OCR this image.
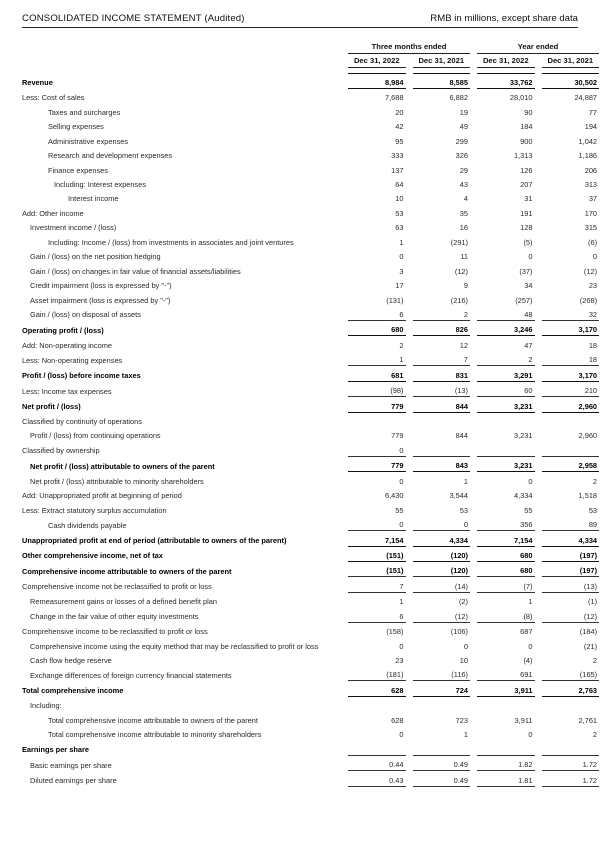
CONSOLIDATED INCOME STATEMENT (Audited)	RMB in millions, except share data
	Three months ended				Year ended		
	Dec 31, 2022		Dec 31, 2021		Dec 31, 2022		Dec 31, 2021

Revenue	8,984		8,585		33,762		30,502
Less: Cost of sales	7,688		6,882		28,010		24,887
Taxes and surcharges	20		19		90		77
Selling expenses	42		49		184		194
Administrative expenses	95		299		900		1,042
Research and development expenses	333		326		1,313		1,186
Finance expenses	137		29		126		206
Including: Interest expenses	64		43		207		313
Interest income	10		4		31		37
Add: Other income	53		35		191		170
Investment income / (loss)	63		16		128		315
Including: Income / (loss) from investments in associates and joint ventures	1		(291)		(5)		(6)
Gain / (loss) on the net position hedging	0		11		0		0
Gain / (loss) on changes in fair value of financial assets/liabilities	3		(12)		(37)		(12)
Credit impairment (loss is expressed by "-")	17		9		34		23
Asset impairment (loss is expressed by "-")	(131)		(216)		(257)		(268)
Gain / (loss) on disposal of assets	6		2		48		32
Operating profit / (loss)	680		826		3,246		3,170
Add: Non-operating income	2		12		47		18
Less: Non-operating expenses	1		7		2		18
Profit / (loss) before income taxes	681		831		3,291		3,170
Less: Income tax expenses	(98)		(13)		60		210
Net profit / (loss)	779		844		3,231		2,960
Classified by continuity of operations							
Profit / (loss) from continuing operations	779		844		3,231		2,960
Classified by ownership	0						
Net profit / (loss) attributable to owners of the parent	779		843		3,231		2,958
Net profit / (loss) attributable to minority shareholders	0		1		0		2
Add: Unappropriated profit at beginning of period	6,430		3,544		4,334		1,518
Less: Extract statutory surplus accumulation	55		53		55		53
Cash dividends payable	0		0		356		89
Unappropriated profit at end of period (attributable to owners of the parent)	7,154		4,334		7,154		4,334
Other comprehensive income, net of tax	(151)		(120)		680		(197)
Comprehensive income attributable to owners of the parent	(151)		(120)		680		(197)
Comprehensive income not be reclassified to profit or loss	7		(14)		(7)		(13)
Remeasurement gains or losses of a defined benefit plan	1		(2)		1		(1)
Change in the fair value of other equity investments	6		(12)		(8)		(12)
Comprehensive income to be reclassified to profit or loss	(158)		(106)		687		(184)
Comprehensive income using the equity method that may be reclassified to profit or loss	0		0		0		(21)
Cash flow hedge reserve	23		10		(4)		2
Exchange differences of foreign currency financial statements	(181)		(116)		691		(165)
Total comprehensive income	628		724		3,911		2,763
Including:							
Total comprehensive income attributable to owners of the parent	628		723		3,911		2,761
Total comprehensive income attributable to minority shareholders	0		1		0		2
Earnings per share							
Basic earnings per share	0.44		0.49		1.82		1.72
Diluted earnings per share	0.43		0.49		1.81		1.72
